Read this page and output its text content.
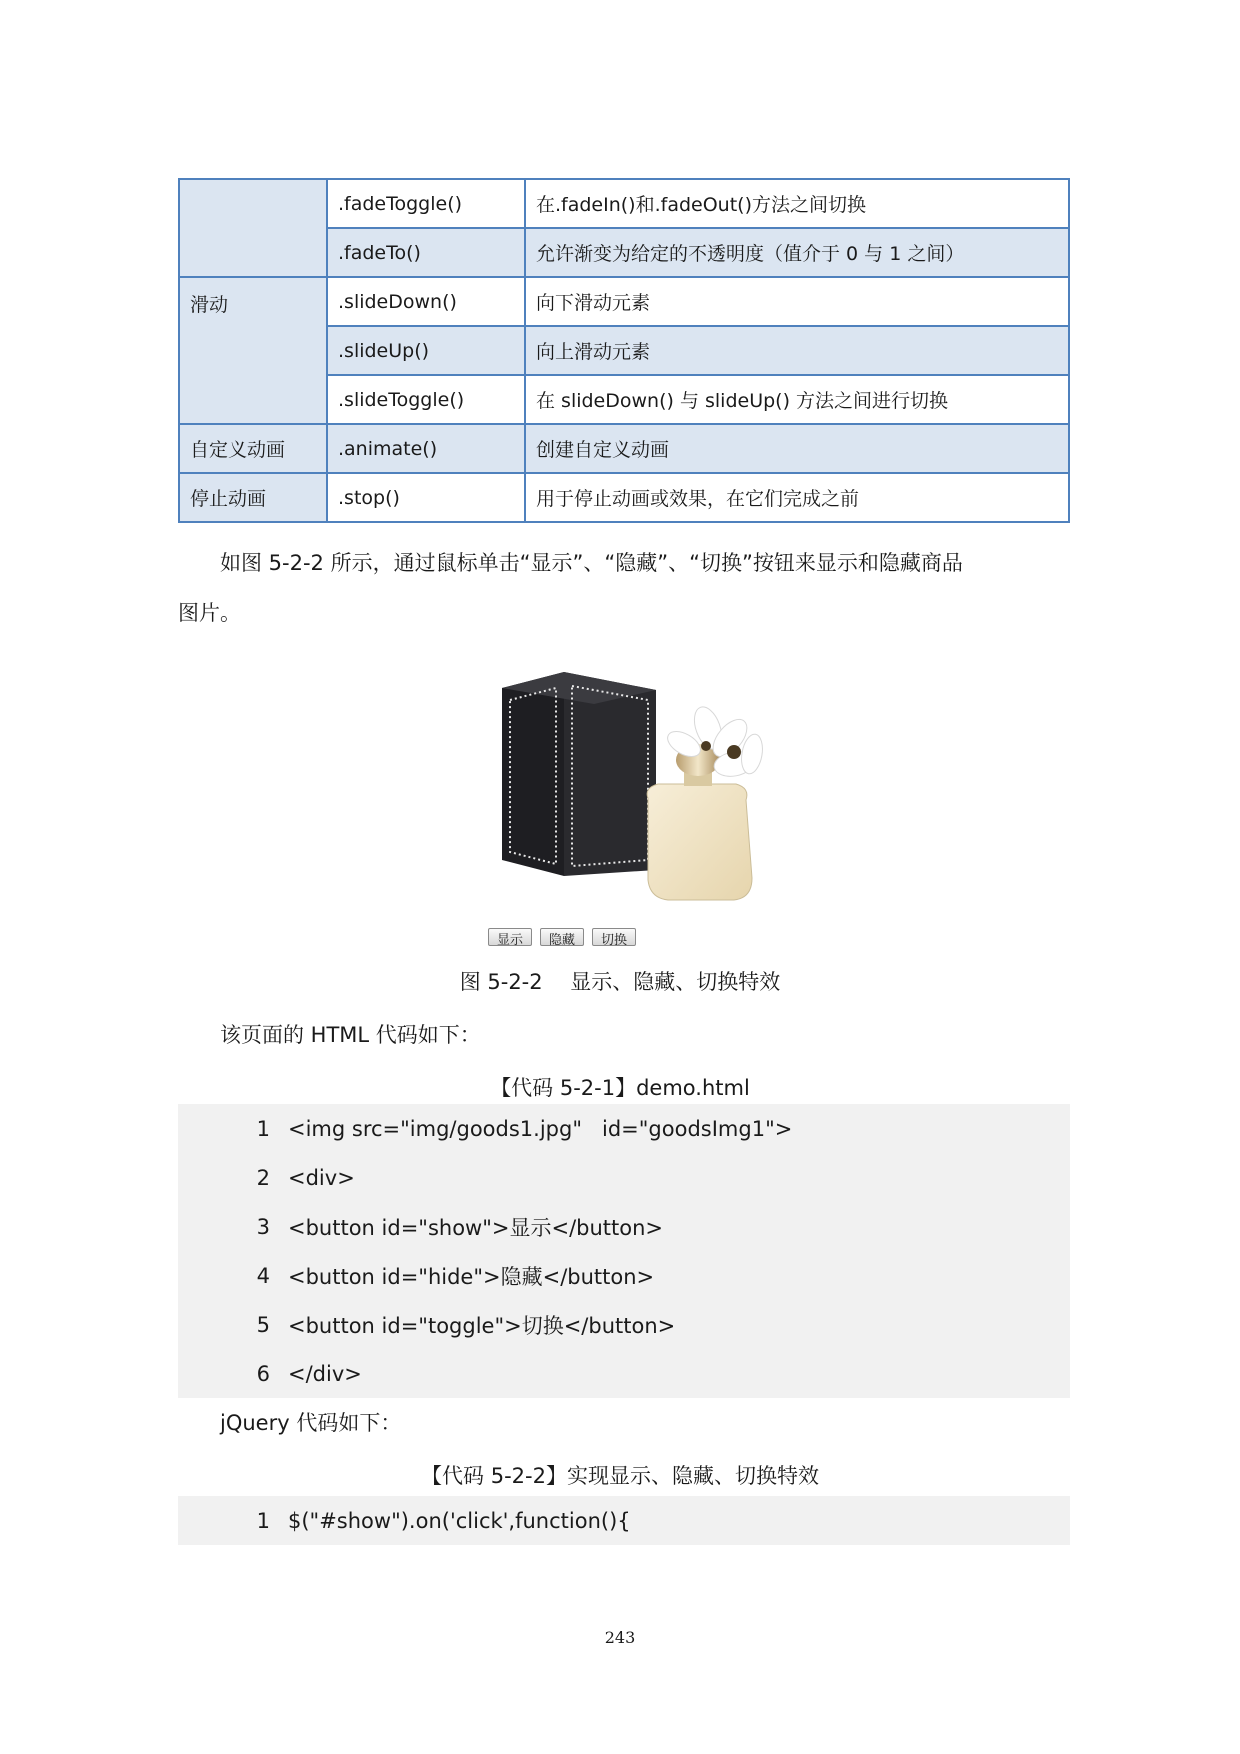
	.fadeToggle()	在.fadeIn()和.fadeOut()方法之间切换
	.fadeTo()	允许渐变为给定的不透明度（值介于 0 与 1 之间）
滑动	.slideDown()	向下滑动元素
	.slideUp()	向上滑动元素
	.slideToggle()	在 slideDown() 与 slideUp() 方法之间进行切换
自定义动画	.animate()	创建自定义动画
停止动画	.stop()	用于停止动画或效果，在它们完成之前

如图 5-2-2 所示，通过鼠标单击“显示”、“隐藏”、“切换”按钮来显示和隐藏商品
图片。

显示	隐藏	切换
图 5-2-2　 显示、隐藏、切换特效

该页面的 HTML 代码如下：

【代码 5-2-1】demo.html
1 <img src="img/goods1.jpg"   id="goodsImg1">
2 <div>
3 <button id="show">显示</button>
4 <button id="hide">隐藏</button>
5 <button id="toggle">切换</button>
6 </div>

jQuery 代码如下：

【代码 5-2-2】实现显示、隐藏、切换特效
1 $("#show").on('click',function(){
243
